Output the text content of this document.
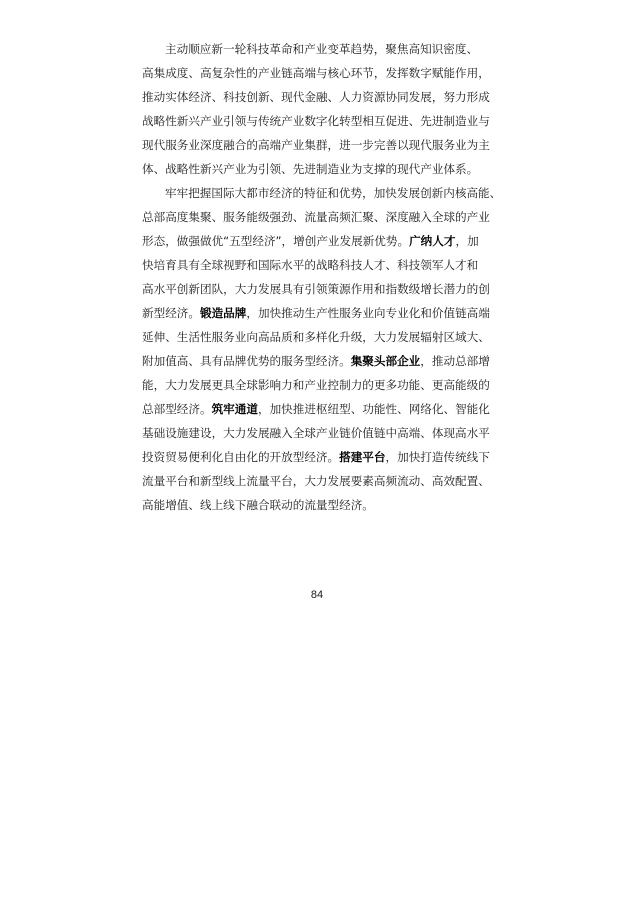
主动顺应新一轮科技革命和产业变革趋势，聚焦高知识密度、
高集成度、高复杂性的产业链高端与核心环节，发挥数字赋能作用，
推动实体经济、科技创新、现代金融、人力资源协同发展，努力形成
战略性新兴产业引领与传统产业数字化转型相互促进、先进制造业与
现代服务业深度融合的高端产业集群，进一步完善以现代服务业为主
体、战略性新兴产业为引领、先进制造业为支撑的现代产业体系。
牢牢把握国际大都市经济的特征和优势，加快发展创新内核高能、
总部高度集聚、服务能级强劲、流量高频汇聚、深度融入全球的产业
形态，做强做优“五型经济”，增创产业发展新优势。广纳人才，加
快培育具有全球视野和国际水平的战略科技人才、科技领军人才和
高水平创新团队，大力发展具有引领策源作用和指数级增长潜力的创
新型经济。锻造品牌，加快推动生产性服务业向专业化和价值链高端
延伸、生活性服务业向高品质和多样化升级，大力发展辐射区域大、
附加值高、具有品牌优势的服务型经济。集聚头部企业，推动总部增
能，大力发展更具全球影响力和产业控制力的更多功能、更高能级的
总部型经济。筑牢通道，加快推进枢纽型、功能性、网络化、智能化
基础设施建设，大力发展融入全球产业链价值链中高端、体现高水平
投资贸易便利化自由化的开放型经济。搭建平台，加快打造传统线下
流量平台和新型线上流量平台，大力发展要素高频流动、高效配置、
高能增值、线上线下融合联动的流量型经济。
84
